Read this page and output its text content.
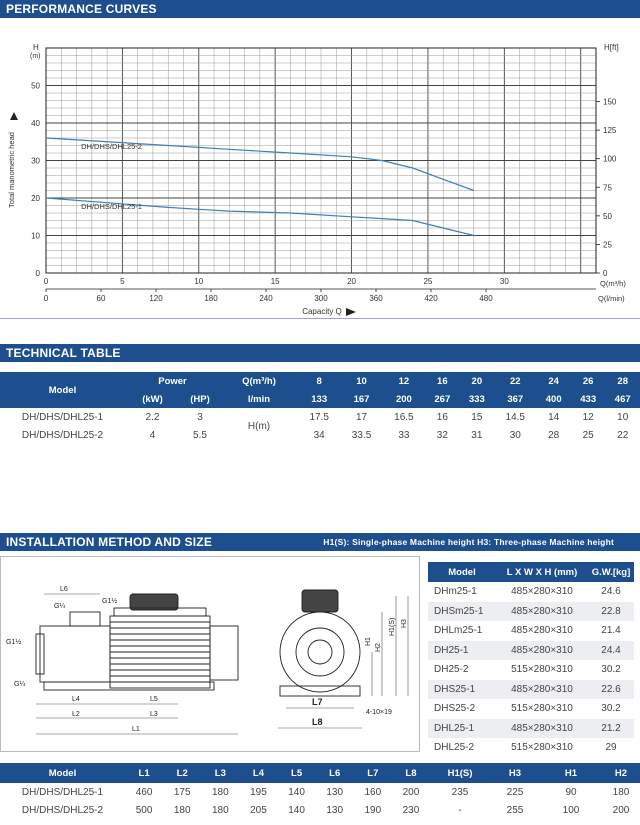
PERFORMANCE CURVES
0
10
20
30
40
50
0
25
50
75
100
125
150
0	5	10	15	20	25	30
0	60	120	180	240	300	360	420	480
H
(m)
H[ft]
Total manometric head
Q(m³/h)
Q(l/min)
Capacity Q
DH/DHS/DHL25-2
DH/DHS/DHL25-1
TECHNICAL TABLE
Model	Power		Q(m³/h)	8	10	12	16	20	22	24	26	28
	(kW)	(HP)	l/min	133	167	200	267	333	367	400	433	467
DH/DHS/DHL25-1	2.2	3	H(m)	17.5	17	16.5	16	15	14.5	14	12	10
DH/DHS/DHL25-2	4	5.5		34	33.5	33	32	31	30	28	25	22
INSTALLATION METHOD AND SIZE	H1(S): Single-phase Machine height H3: Three-phase Machine height
L6
G¼
G1½
G1½
G¼
L4	L5
L2	L3
L1
L7
L8
4-10×19
H1
H2
H1(S) H3
Model	L X W X H (mm)	G.W.[kg]
DHm25-1	485×280×310	24.6
DHSm25-1	485×280×310	22.8
DHLm25-1	485×280×310	21.4
DH25-1	485×280×310	24.4
DH25-2	515×280×310	30.2
DHS25-1	485×280×310	22.6
DHS25-2	515×280×310	30.2
DHL25-1	485×280×310	21.2
DHL25-2	515×280×310	29
Model	L1	L2	L3	L4	L5	L6	L7	L8	H1(S)	H3	H1	H2
DH/DHS/DHL25-1	460	175	180	195	140	130	160	200	235	225	90	180
DH/DHS/DHL25-2	500	180	180	205	140	130	190	230	-	255	100	200
